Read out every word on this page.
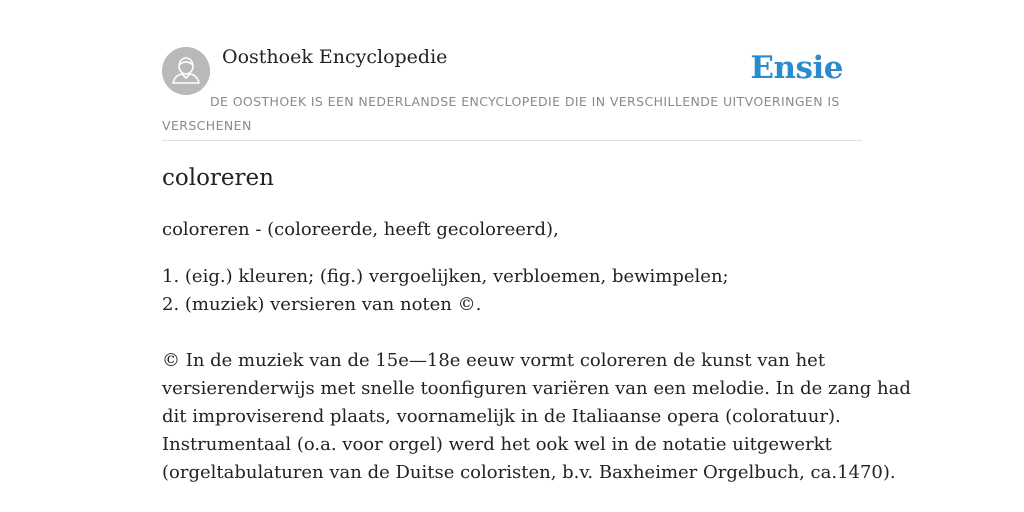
Oosthoek Encyclopedie	Ensie
DE OOSTHOEK IS EEN NEDERLANDSE ENCYCLOPEDIE DIE IN VERSCHILLENDE UITVOERINGEN IS VERSCHENEN
coloreren

coloreren - (coloreerde, heeft gecoloreerd),

1. (eig.) kleuren; (fig.) vergoelijken, verbloemen, bewimpelen;
2. (muziek) versieren van noten ©.

© In de muziek van de 15e—18e eeuw vormt coloreren de kunst van het
versierenderwijs met snelle toonfiguren variëren van een melodie. In de zang had
dit improviserend plaats, voornamelijk in de Italiaanse opera (coloratuur).
Instrumentaal (o.a. voor orgel) werd het ook wel in de notatie uitgewerkt
(orgeltabulaturen van de Duitse coloristen, b.v. Baxheimer Orgelbuch, ca.1470).
